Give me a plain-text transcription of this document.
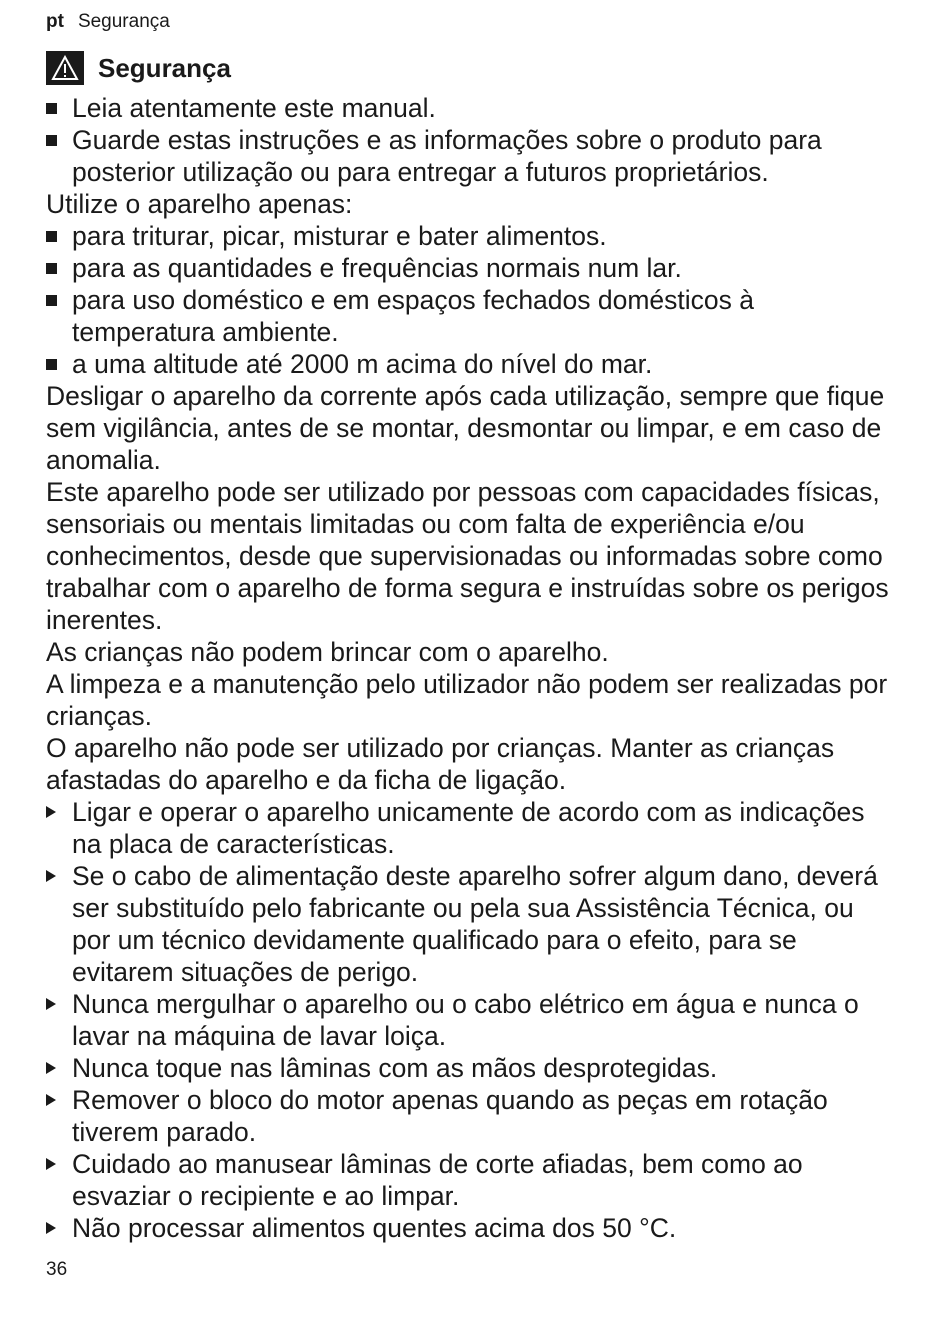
pt Segurança
Segurança
Leia atentamente este manual.
Guarde estas instruções e as informações sobre o produto para posterior utilização ou para entregar a futuros proprietários.

Utilize o aparelho apenas:

para triturar, picar, misturar e bater alimentos.
para as quantidades e frequências normais num lar.
para uso doméstico e em espaços fechados domésticos à temperatura ambiente.
a uma altitude até 2000 m acima do nível do mar.

Desligar o aparelho da corrente após cada utilização, sempre que fique sem vigilância, antes de se montar, desmontar ou limpar, e em caso de anomalia.

Este aparelho pode ser utilizado por pessoas com capacidades físicas, sensoriais ou mentais limitadas ou com falta de experiência e/ou conhecimentos, desde que supervisionadas ou informadas sobre como trabalhar com o aparelho de forma segura e instruídas sobre os perigos inerentes.

As crianças não podem brincar com o aparelho.

A limpeza e a manutenção pelo utilizador não podem ser realizadas por crianças.

O aparelho não pode ser utilizado por crianças. Manter as crianças afastadas do aparelho e da ficha de ligação.

Ligar e operar o aparelho unicamente de acordo com as indicações na placa de características.
Se o cabo de alimentação deste aparelho sofrer algum dano, deverá ser substituído pelo fabricante ou pela sua Assistência Técnica, ou por um técnico devidamente qualificado para o efeito, para se evitarem situações de perigo.
Nunca mergulhar o aparelho ou o cabo elétrico em água e nunca o lavar na máquina de lavar loiça.
Nunca toque nas lâminas com as mãos desprotegidas.
Remover o bloco do motor apenas quando as peças em rotação tiverem parado.
Cuidado ao manusear lâminas de corte afiadas, bem como ao esvaziar o recipiente e ao limpar.
Não processar alimentos quentes acima dos 50 °C.
36
